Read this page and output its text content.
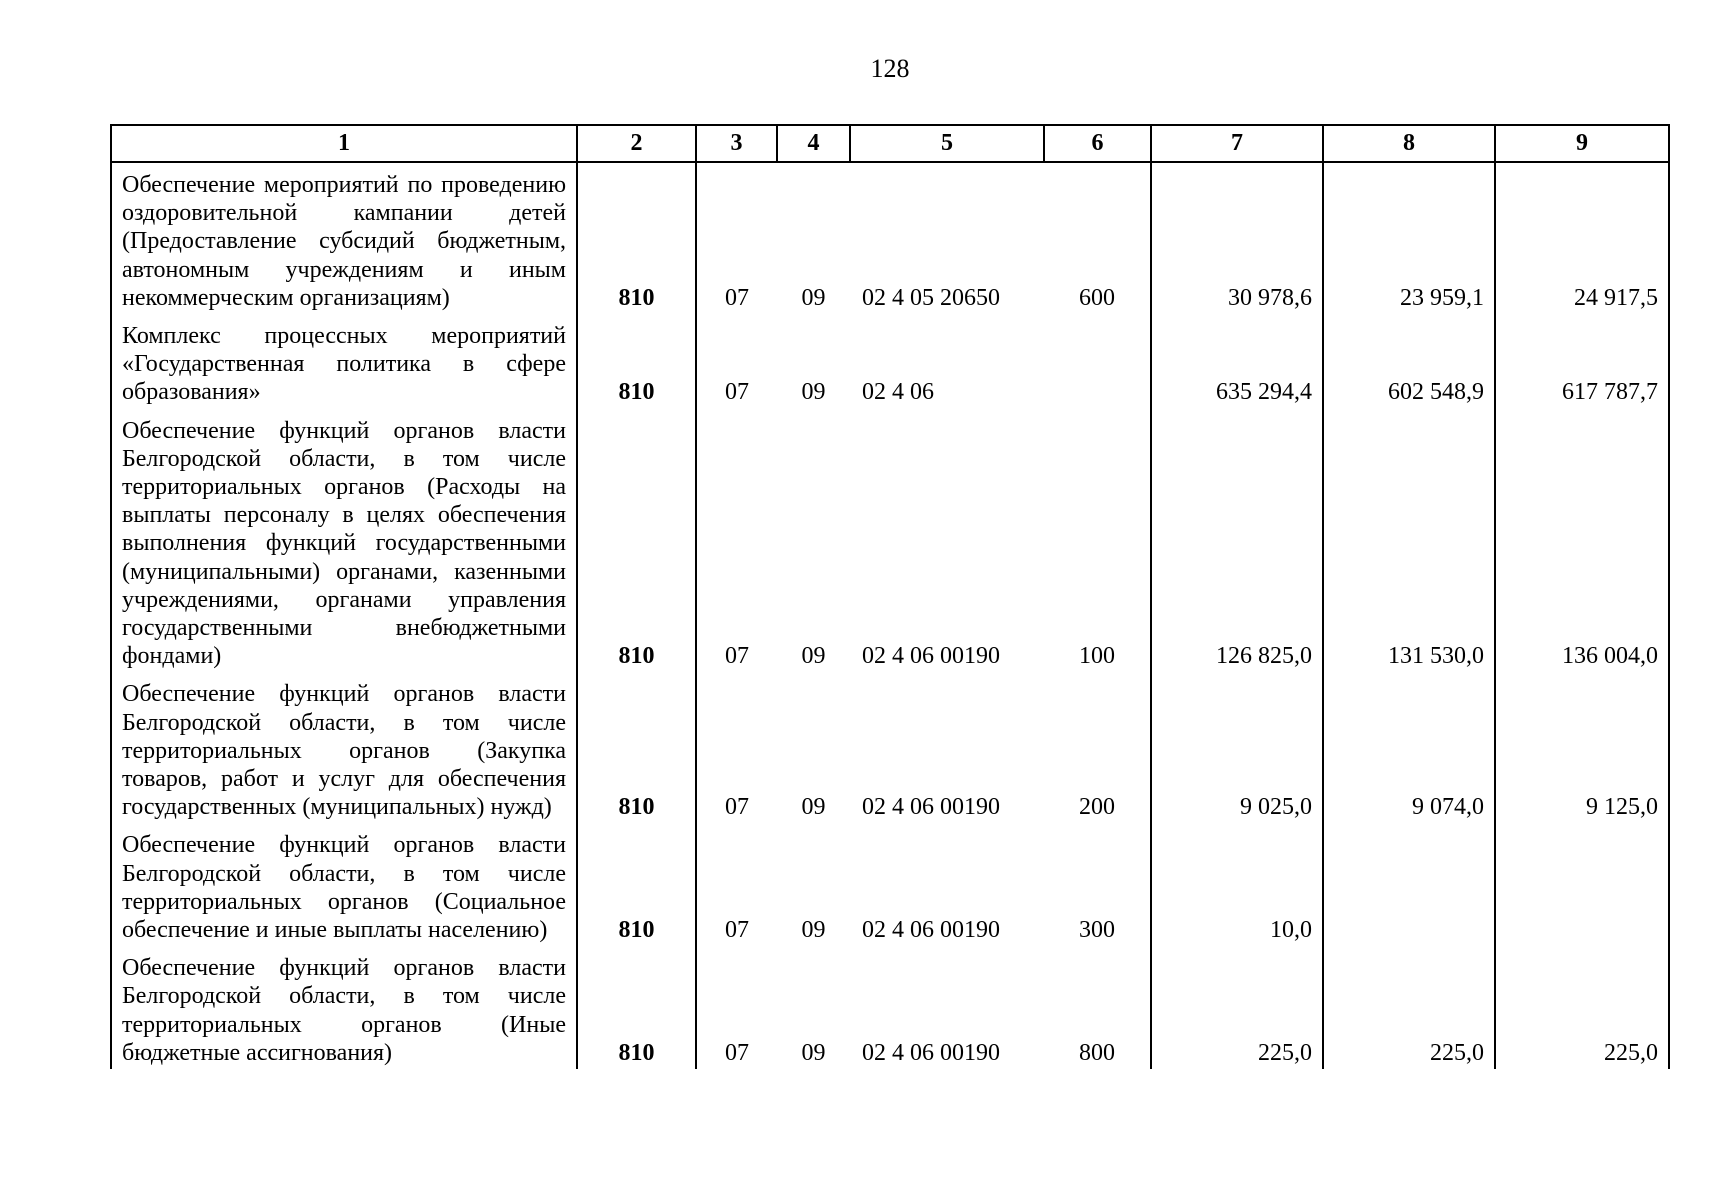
128
1	2	3	4	5	6	7	8	9
Обеспечение мероприятий по проведению оздоровительной кампании детей (Предоставление субсидий бюджетным, автономным учреждениям и иным некоммерческим организациям)	810	07	09	02 4 05 20650	600	30 978,6	23 959,1	24 917,5
Комплекс процессных мероприятий «Государственная политика в сфере образования»	810	07	09	02 4 06		635 294,4	602 548,9	617 787,7
Обеспечение функций органов власти Белгородской области, в том числе территориальных органов (Расходы на выплаты персоналу в целях обеспечения выполнения функций государственными (муниципальными) органами, казенными учреждениями, органами управления государственными внебюджетными фондами)	810	07	09	02 4 06 00190	100	126 825,0	131 530,0	136 004,0
Обеспечение функций органов власти Белгородской области, в том числе территориальных органов (Закупка товаров, работ и услуг для обеспечения государственных (муниципальных) нужд)	810	07	09	02 4 06 00190	200	9 025,0	9 074,0	9 125,0
Обеспечение функций органов власти Белгородской области, в том числе территориальных органов (Социальное обеспечение и иные выплаты населению)	810	07	09	02 4 06 00190	300	10,0		
Обеспечение функций органов власти Белгородской области, в том числе территориальных органов (Иные бюджетные ассигнования)	810	07	09	02 4 06 00190	800	225,0	225,0	225,0
